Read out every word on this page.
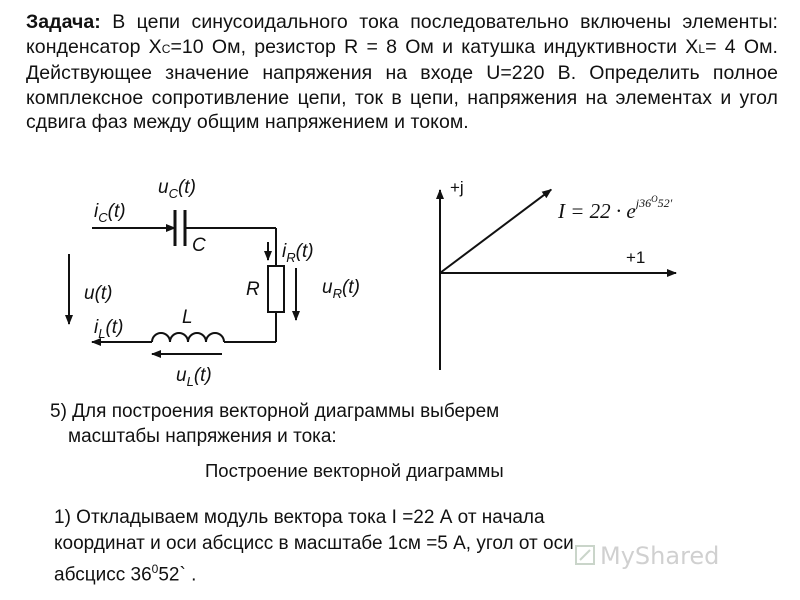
Задача: В цепи синусоидального тока последовательно включены элементы: конденсатор XC=10 Ом, резистор R = 8 Ом и катушка индуктивности XL= 4 Ом. Действующее значение напряжения на входе U=220 В. Определить полное комплексное сопротивление цепи, ток в цепи, напряжения на элементах и угол сдвига фаз между общим напряжением и током.
$u_C(t)$
$i_C(t)$
C	$i_R(t)$
$u_R(t)$
R
u(t)
$i_L(t)$	L
$u_L(t)$
+j
+1
$I = 22 \cdot e^{j36^O52'}$
5) Для построения векторной диаграммы выберем
масштабы напряжения и тока:
Построение векторной диаграммы
1) Откладываем модуль вектора тока I =22 А от начала
координат и оси абсцисс в масштабе 1см =5 А, угол от оси
абсцисс $36^052`$ .
MyShared
